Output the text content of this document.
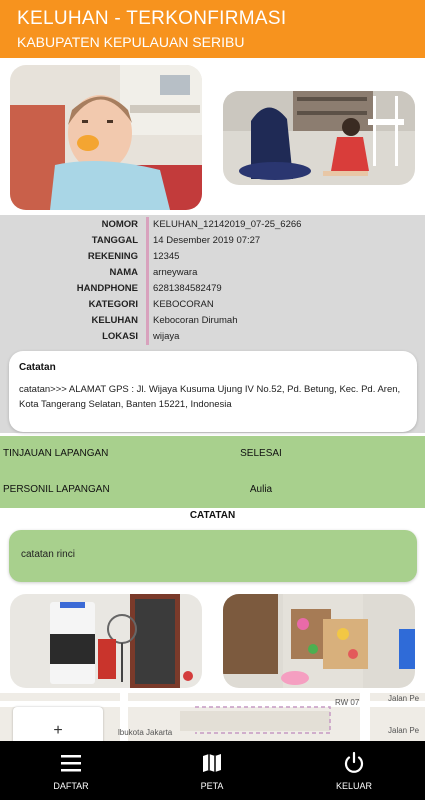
KELUHAN - TERKONFIRMASI
KABUPATEN KEPULAUAN SERIBU
NOMOR KELUHAN_12142019_07-25_6266
TANGGAL 14 Desember 2019 07:27
REKENING 12345
NAMA arneywara
HANDPHONE 6281384582479
KATEGORI KEBOCORAN
KELUHAN Kebocoran Dirumah
LOKASI wijaya
Catatan
catatan>>> ALAMAT GPS : Jl. Wijaya Kusuma Ujung IV No.52, Pd. Betung, Kec. Pd. Aren, Kota Tangerang Selatan, Banten 15221, Indonesia
TINJAUAN LAPANGAN	SELESAI
PERSONIL LAPANGAN	Aulia
CATATAN
catatan rinci
RW 07	Jalan Pe
lbukota Jakarta	Jalan Pe
+
DAFTAR	PETA	KELUAR
